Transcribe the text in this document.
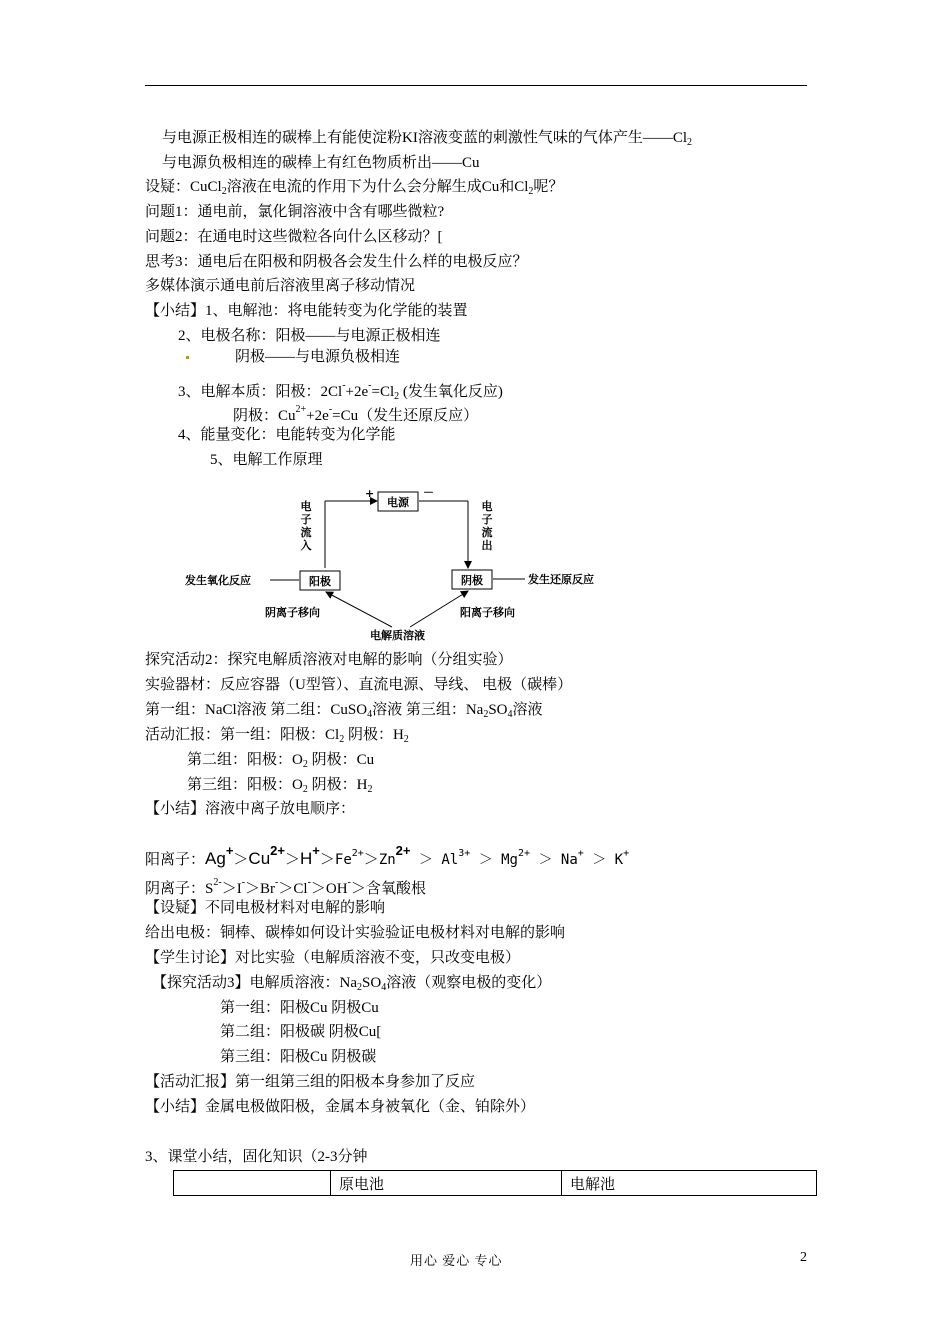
与电源正极相连的碳棒上有能使淀粉KI溶液变蓝的刺激性气味的气体产生$——Cl_2$
与电源负极相连的碳棒上有红色物质析出——Cu
设疑：CuCl$_2$溶液在电流的作用下为什么会分解生成Cu和$Cl_2$呢？
问题1：通电前，氯化铜溶液中含有哪些微粒?
问题2：在通电时这些微粒各向什么区移动？[
思考3：通电后在阳极和阴极各会发生什么样的电极反应？
多媒体演示通电前后溶液里离子移动情况
【小结】1、电解池：将电能转变为化学能的装置
2、电极名称：阳极——与电源正极相连
阴极——与电源负极相连
3、电解本质：阳极：$2Cl^-+2e^-=Cl_2$ (发生氧化反应)
阴极：$Cu^{2+}+2e^-=Cu$（发生还原反应）
4、能量变化：电能转变为化学能
5、电解工作原理
电源
+	－
电
子
流
入
电
子
流
出
阳极	阴极
发生氧化反应	发生还原反应
阴离子移向	阳离子移向
电解质溶液
探究活动2：探究电解质溶液对电解的影响（分组实验）
实验器材：反应容器（U型管）、直流电源、导线、 电极（碳棒）
第一组：NaCl溶液 第二组：CuSO$_4$溶液 第三组：$Na_2SO_4$溶液
活动汇报：第一组：阳极：$Cl_2$ 阴极：$H_2$
第二组：阳极：$O_2$ 阴极：Cu
第三组：阳极：$O_2$ 阴极：$H_2$
【小结】溶液中离子放电顺序：
阳离子：$Ag^+>Cu^{2+}>H^+>Fe^{2+}>Zn^{2+} > Al^{3+} > Mg^{2+} > Na^+ > K^+$
阴离子：$S^{2-}>I^->Br^->Cl^->OH^->$含氧酸根
【设疑】不同电极材料对电解的影响
给出电极：铜棒、碳棒如何设计实验验证电极材料对电解的影响
【学生讨论】对比实验（电解质溶液不变，只改变电极）
【探究活动3】电解质溶液：$Na_2SO_4$溶液（观察电极的变化）
第一组：阳极Cu 阴极Cu
第二组：阳极碳 阴极Cu[
第三组：阳极Cu 阴极碳
【活动汇报】第一组第三组的阳极本身参加了反应
【小结】金属电极做阳极，金属本身被氧化（金、铂除外）
3、课堂小结，固化知识（2-3分钟
	原电池	电解池
用心 爱心 专心	2
